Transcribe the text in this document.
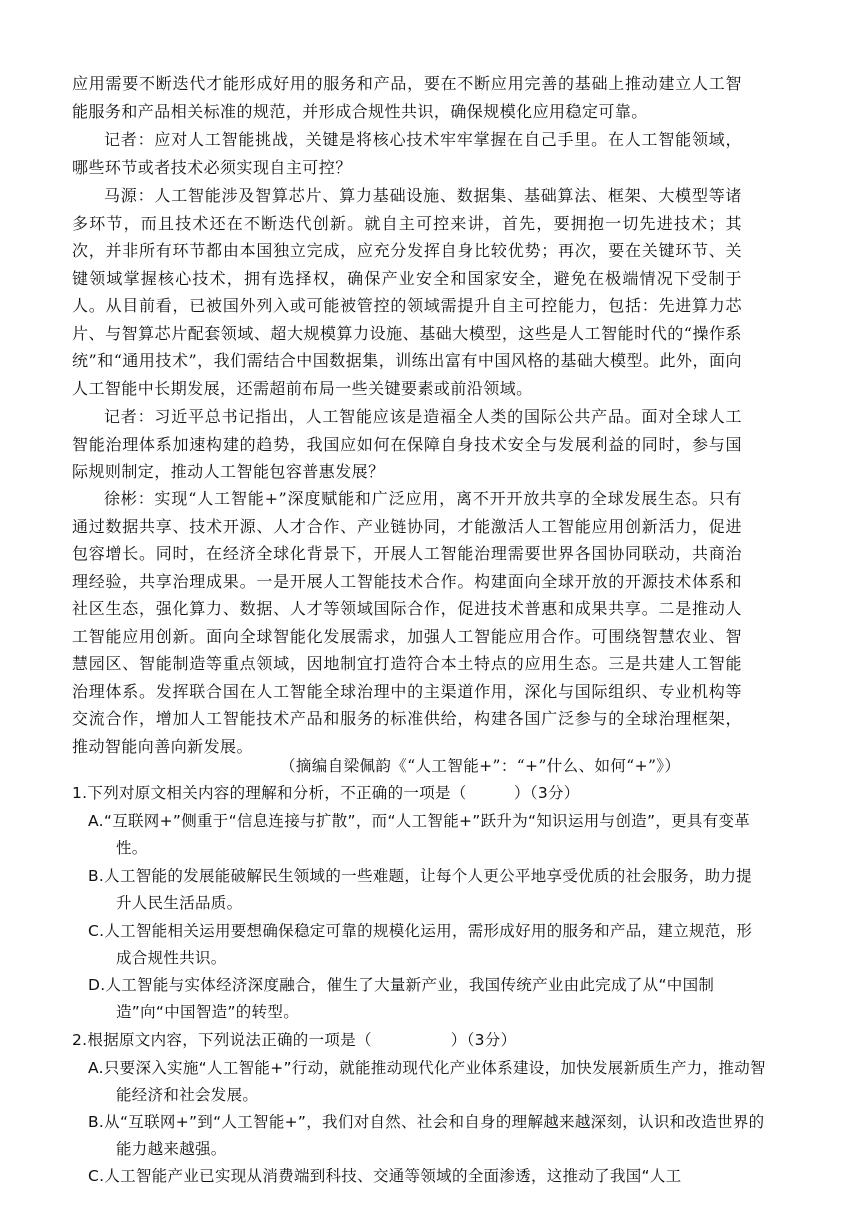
应用需要不断迭代才能形成好用的服务和产品，要在不断应用完善的基础上推动建立人工智能服务和产品相关标准的规范，并形成合规性共识，确保规模化应用稳定可靠。
记者：应对人工智能挑战，关键是将核心技术牢牢掌握在自己手里。在人工智能领域，哪些环节或者技术必须实现自主可控？
马源：人工智能涉及智算芯片、算力基础设施、数据集、基础算法、框架、大模型等诸多环节，而且技术还在不断迭代创新。就自主可控来讲，首先，要拥抱一切先进技术；其次，并非所有环节都由本国独立完成，应充分发挥自身比较优势；再次，要在关键环节、关键领域掌握核心技术，拥有选择权，确保产业安全和国家安全，避免在极端情况下受制于人。从目前看，已被国外列入或可能被管控的领域需提升自主可控能力，包括：先进算力芯片、与智算芯片配套领域、超大规模算力设施、基础大模型，这些是人工智能时代的“操作系统”和“通用技术”，我们需结合中国数据集，训练出富有中国风格的基础大模型。此外，面向人工智能中长期发展，还需超前布局一些关键要素或前沿领域。
记者：习近平总书记指出，人工智能应该是造福全人类的国际公共产品。面对全球人工智能治理体系加速构建的趋势，我国应如何在保障自身技术安全与发展利益的同时，参与国际规则制定，推动人工智能包容普惠发展？
徐彬：实现“人工智能+”深度赋能和广泛应用，离不开开放共享的全球发展生态。只有通过数据共享、技术开源、人才合作、产业链协同，才能激活人工智能应用创新活力，促进包容增长。同时，在经济全球化背景下，开展人工智能治理需要世界各国协同联动，共商治理经验，共享治理成果。一是开展人工智能技术合作。构建面向全球开放的开源技术体系和社区生态，强化算力、数据、人才等领域国际合作，促进技术普惠和成果共享。二是推动人工智能应用创新。面向全球智能化发展需求，加强人工智能应用合作。可围绕智慧农业、智慧园区、智能制造等重点领域，因地制宜打造符合本土特点的应用生态。三是共建人工智能治理体系。发挥联合国在人工智能全球治理中的主渠道作用，深化与国际组织、专业机构等交流合作，增加人工智能技术产品和服务的标准供给，构建各国广泛参与的全球治理框架，推动智能向善向新发展。
（摘编自梁佩韵《“人工智能+”：“+”什么、如何“+”》）
1.下列对原文相关内容的理解和分析，不正确的一项是（　　　）（3分）
A.“互联网+”侧重于“信息连接与扩散”，而“人工智能+”跃升为“知识运用与创造”，更具有变革性。
B.人工智能的发展能破解民生领域的一些难题，让每个人更公平地享受优质的社会服务，助力提升人民生活品质。
C.人工智能相关运用要想确保稳定可靠的规模化运用，需形成好用的服务和产品，建立规范，形成合规性共识。
D.人工智能与实体经济深度融合，催生了大量新产业，我国传统产业由此完成了从“中国制造”向“中国智造”的转型。
2.根据原文内容，下列说法正确的一项是（　　　　　）（3分）
A.只要深入实施“人工智能+”行动，就能推动现代化产业体系建设，加快发展新质生产力，推动智能经济和社会发展。
B.从“互联网+”到“人工智能+”，我们对自然、社会和自身的理解越来越深刻，认识和改造世界的能力越来越强。
C.人工智能产业已实现从消费端到科技、交通等领域的全面渗透，这推动了我国“人工
